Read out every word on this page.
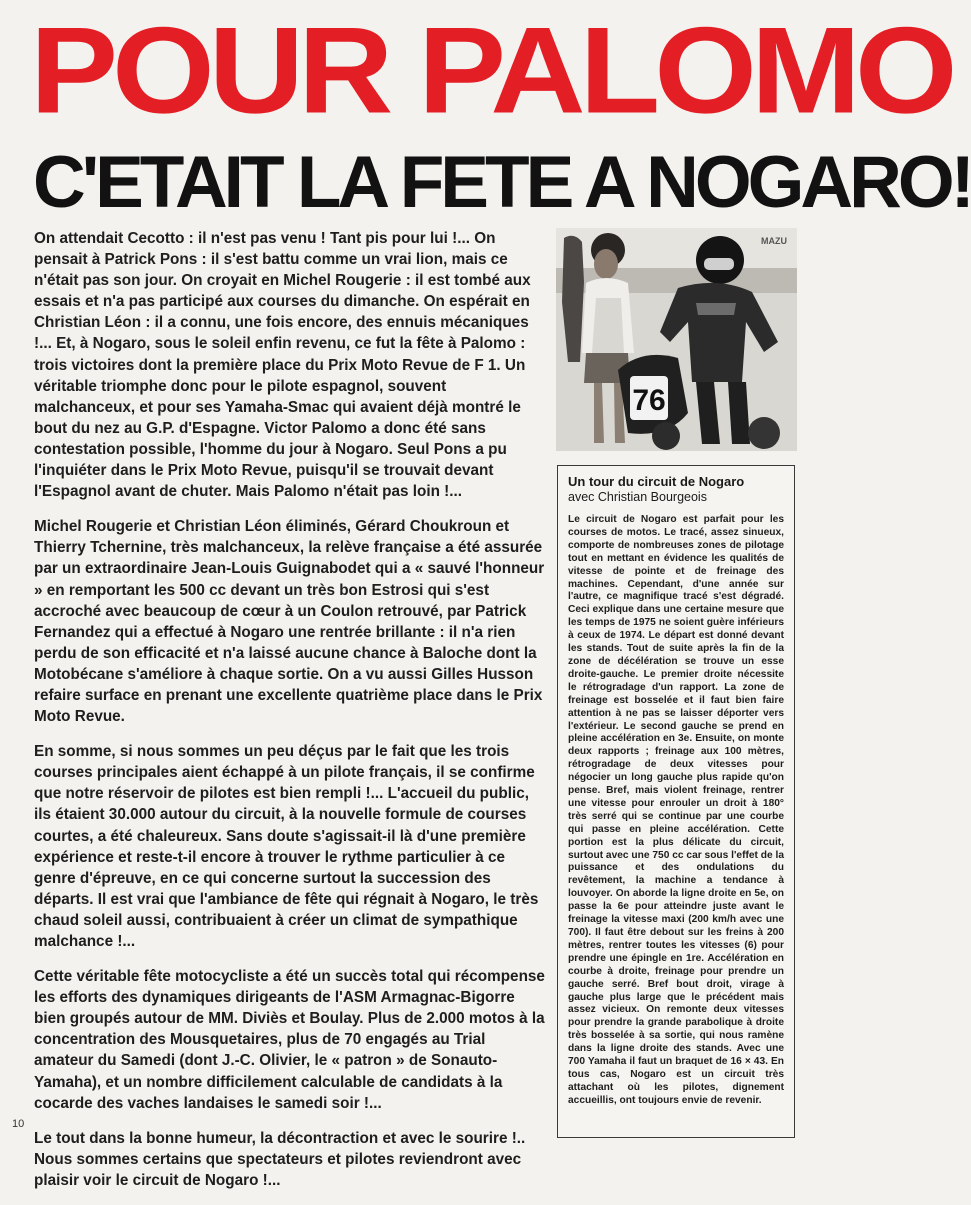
POUR PALOMO
C'ETAIT LA FETE A NOGARO!

On attendait Cecotto : il n'est pas venu ! Tant pis pour lui !... On pensait à Patrick Pons : il s'est battu comme un vrai lion, mais ce n'était pas son jour. On croyait en Michel Rougerie : il est tombé aux essais et n'a pas participé aux courses du dimanche. On espérait en Christian Léon : il a connu, une fois encore, des ennuis mécaniques !... Et, à Nogaro, sous le soleil enfin revenu, ce fut la fête à Palomo : trois victoires dont la première place du Prix Moto Revue de F 1. Un véritable triomphe donc pour le pilote espagnol, souvent malchanceux, et pour ses Yamaha-Smac qui avaient déjà montré le bout du nez au G.P. d'Espagne. Victor Palomo a donc été sans contestation possible, l'homme du jour à Nogaro. Seul Pons a pu l'inquiéter dans le Prix Moto Revue, puisqu'il se trouvait devant l'Espagnol avant de chuter. Mais Palomo n'était pas loin !...

Michel Rougerie et Christian Léon éliminés, Gérard Choukroun et Thierry Tchernine, très malchanceux, la relève française a été assurée par un extraordinaire Jean-Louis Guignabodet qui a « sauvé l'honneur » en remportant les 500 cc devant un très bon Estrosi qui s'est accroché avec beaucoup de cœur à un Coulon retrouvé, par Patrick Fernandez qui a effectué à Nogaro une rentrée brillante : il n'a rien perdu de son efficacité et n'a laissé aucune chance à Baloche dont la Motobécane s'améliore à chaque sortie. On a vu aussi Gilles Husson refaire surface en prenant une excellente quatrième place dans le Prix Moto Revue.

En somme, si nous sommes un peu déçus par le fait que les trois courses principales aient échappé à un pilote français, il se confirme que notre réservoir de pilotes est bien rempli !... L'accueil du public, ils étaient 30.000 autour du circuit, à la nouvelle formule de courses courtes, a été chaleureux. Sans doute s'agissait-il là d'une première expérience et reste-t-il encore à trouver le rythme particulier à ce genre d'épreuve, en ce qui concerne surtout la succession des départs. Il est vrai que l'ambiance de fête qui régnait à Nogaro, le très chaud soleil aussi, contribuaient à créer un climat de sympathique malchance !...

Cette véritable fête motocycliste a été un succès total qui récompense les efforts des dynamiques dirigeants de l'ASM Armagnac-Bigorre bien groupés autour de MM. Diviès et Boulay. Plus de 2.000 motos à la concentration des Mousquetaires, plus de 70 engagés au Trial amateur du Samedi (dont J.-C. Olivier, le « patron » de Sonauto-Yamaha), et un nombre difficilement calculable de candidats à la cocarde des vaches landaises le samedi soir !...

Le tout dans la bonne humeur, la décontraction et avec le sourire !.. Nous sommes certains que spectateurs et pilotes reviendront avec plaisir voir le circuit de Nogaro !...

10
MAZU
76

Un tour du circuit de Nogaro

avec Christian Bourgeois

Le circuit de Nogaro est parfait pour les courses de motos. Le tracé, assez sinueux, comporte de nombreuses zones de pilotage tout en mettant en évidence les qualités de vitesse de pointe et de freinage des machines. Cependant, d'une année sur l'autre, ce magnifique tracé s'est dégradé. Ceci explique dans une certaine mesure que les temps de 1975 ne soient guère inférieurs à ceux de 1974. Le départ est donné devant les stands. Tout de suite après la fin de la zone de décélération se trouve un esse droite-gauche. Le premier droite nécessite le rétrogradage d'un rapport. La zone de freinage est bosselée et il faut bien faire attention à ne pas se laisser déporter vers l'extérieur. Le second gauche se prend en pleine accélération en 3e. Ensuite, on monte deux rapports ; freinage aux 100 mètres, rétrogradage de deux vitesses pour négocier un long gauche plus rapide qu'on pense. Bref, mais violent freinage, rentrer une vitesse pour enrouler un droit à 180° très serré qui se continue par une courbe qui passe en pleine accélération. Cette portion est la plus délicate du circuit, surtout avec une 750 cc car sous l'effet de la puissance et des ondulations du revêtement, la machine a tendance à louvoyer. On aborde la ligne droite en 5e, on passe la 6e pour atteindre juste avant le freinage la vitesse maxi (200 km/h avec une 700). Il faut être debout sur les freins à 200 mètres, rentrer toutes les vitesses (6) pour prendre une épingle en 1re. Accélération en courbe à droite, freinage pour prendre un gauche serré. Bref bout droit, virage à gauche plus large que le précédent mais assez vicieux. On remonte deux vitesses pour prendre la grande parabolique à droite très bosselée à sa sortie, qui nous ramène dans la ligne droite des stands. Avec une 700 Yamaha il faut un braquet de 16 × 43. En tous cas, Nogaro est un circuit très attachant où les pilotes, dignement accueillis, ont toujours envie de revenir.
